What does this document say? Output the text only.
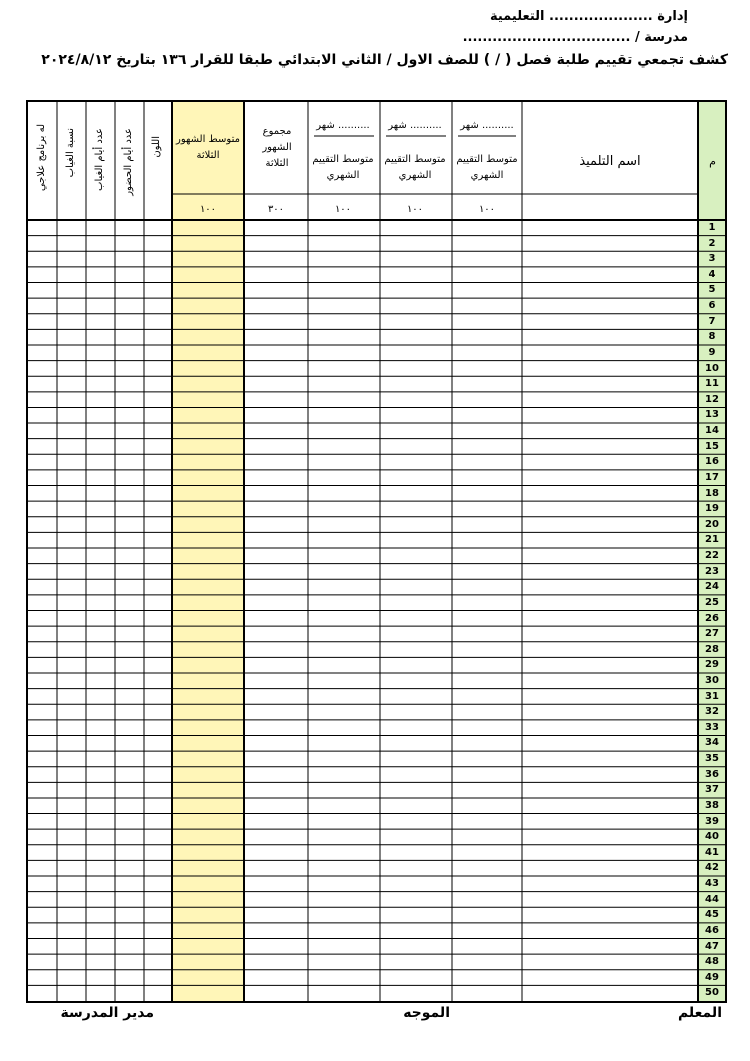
إدارة ..................... التعليمية
مدرسة / ..................................
كشف تجمعي تقييم طلبة فصل ( / ) للصف الاول / الثاني الابتدائي طبقا للقرار ١٣٦ بتاريخ ٢٠٢٤/٨/١٢
م
اسم التلميذ
شهر ..........
متوسط التقييم الشهري
١٠٠
شهر ..........
متوسط التقييم الشهري
١٠٠
شهر ..........
متوسط التقييم الشهري
١٠٠
مجموع الشهور الثلاثة
٣٠٠
متوسط الشهور الثلاثة
١٠٠
اللون
عدد أيام الحضور
عدد أيام الغياب
نسبة الغياب
له برنامج علاجي
1
2
3
4
5
6
7
8
9
10
11
12
13
14
15
16
17
18
19
20
21
22
23
24
25
26
27
28
29
30
31
32
33
34
35
36
37
38
39
40
41
42
43
44
45
46
47
48
49
50
المعلم
الموجه
مدير المدرسة
